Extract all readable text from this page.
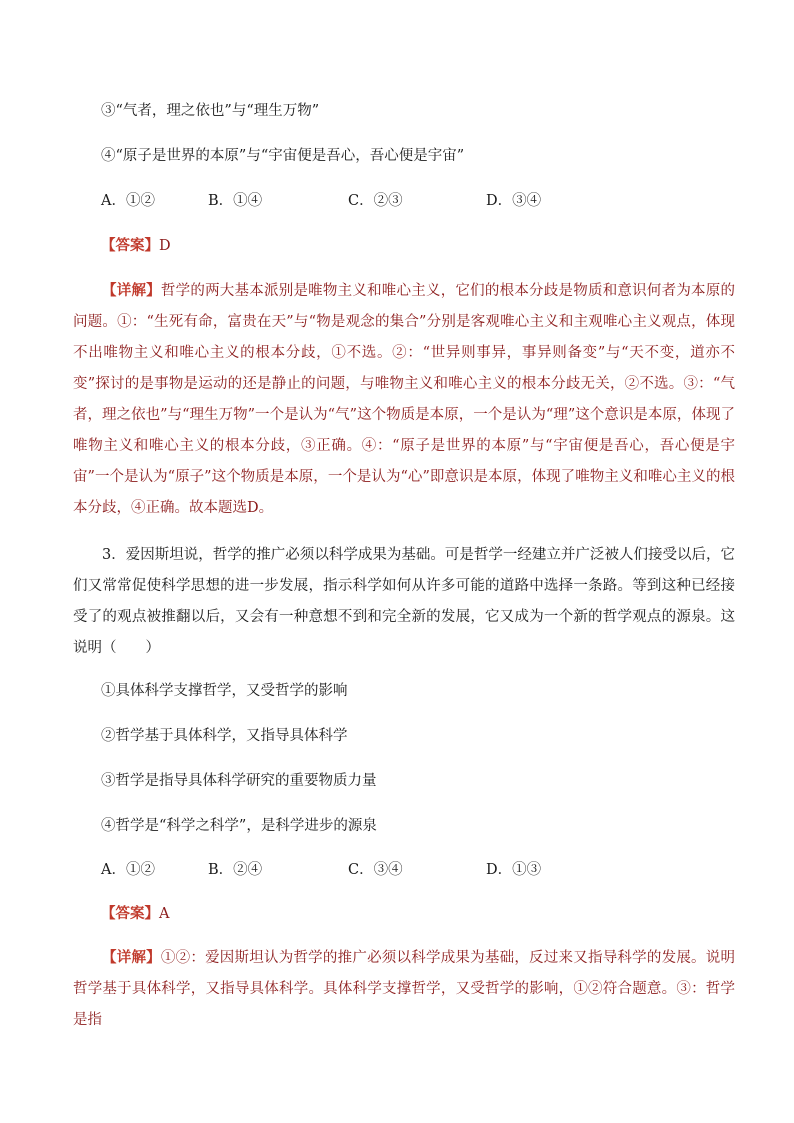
③“气者，理之依也”与“理生万物”
④“原子是世界的本原”与“宇宙便是吾心，吾心便是宇宙”
A．①②	B．①④	C．②③	D．③④
【答案】D
【详解】哲学的两大基本派别是唯物主义和唯心主义，它们的根本分歧是物质和意识何者为本原的问题。①：“生死有命，富贵在天”与“物是观念的集合”分别是客观唯心主义和主观唯心主义观点，体现不出唯物主义和唯心主义的根本分歧，①不选。②：“世异则事异，事异则备变”与“天不变，道亦不变”探讨的是事物是运动的还是静止的问题，与唯物主义和唯心主义的根本分歧无关，②不选。③：“气者，理之依也”与“理生万物”一个是认为“气”这个物质是本原，一个是认为“理”这个意识是本原，体现了唯物主义和唯心主义的根本分歧，③正确。④：“原子是世界的本原”与“宇宙便是吾心，吾心便是宇宙”一个是认为“原子”这个物质是本原，一个是认为“心”即意识是本原，体现了唯物主义和唯心主义的根本分歧，④正确。故本题选D。
3．爱因斯坦说，哲学的推广必须以科学成果为基础。可是哲学一经建立并广泛被人们接受以后，它们又常常促使科学思想的进一步发展，指示科学如何从许多可能的道路中选择一条路。等到这种已经接受了的观点被推翻以后，又会有一种意想不到和完全新的发展，它又成为一个新的哲学观点的源泉。这说明（　　）
①具体科学支撑哲学，又受哲学的影响
②哲学基于具体科学，又指导具体科学
③哲学是指导具体科学研究的重要物质力量
④哲学是“科学之科学”，是科学进步的源泉
A．①②	B．②④	C．③④	D．①③
【答案】A
【详解】①②：爱因斯坦认为哲学的推广必须以科学成果为基础，反过来又指导科学的发展。说明哲学基于具体科学，又指导具体科学。具体科学支撑哲学，又受哲学的影响，①②符合题意。③：哲学是指
